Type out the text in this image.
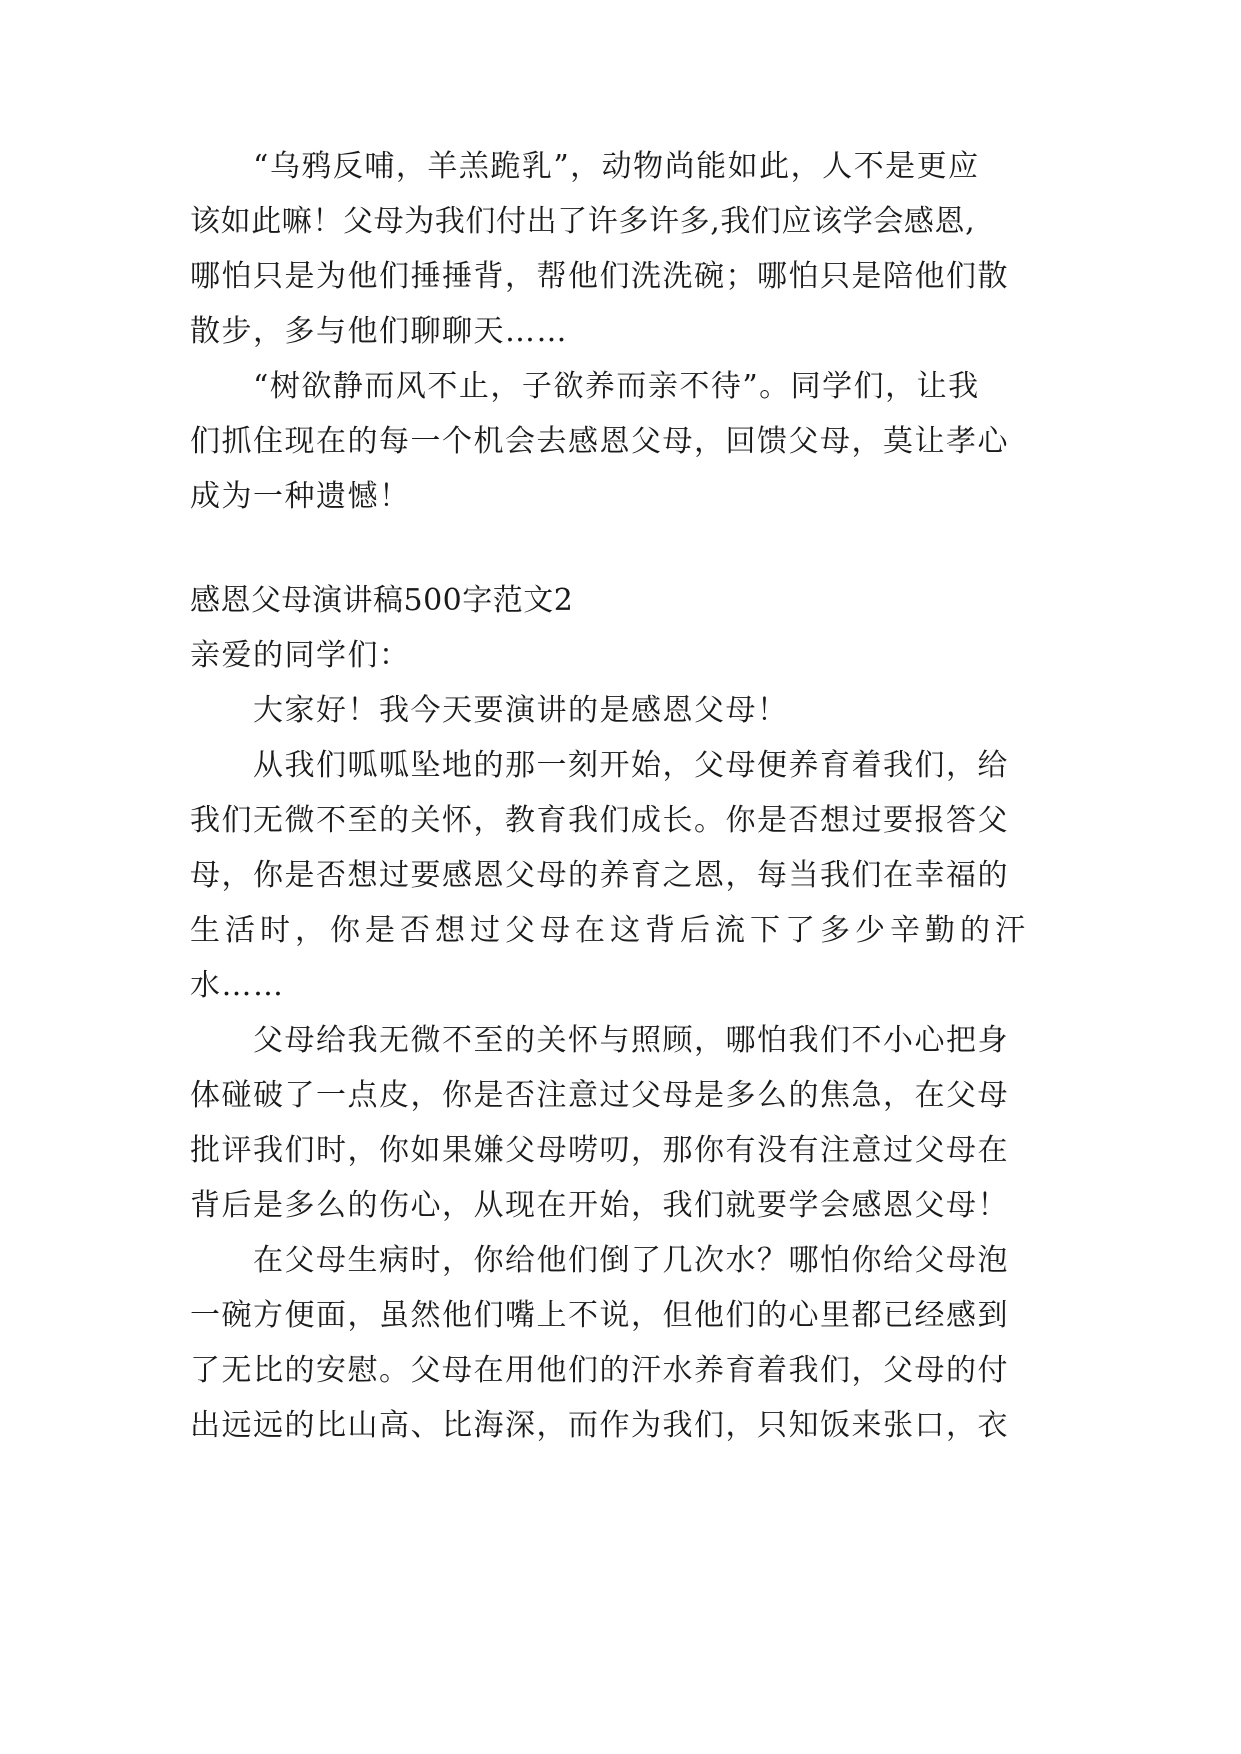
“乌鸦反哺，羊羔跪乳”，动物尚能如此，人不是更应
该如此嘛！父母为我们付出了许多许多,我们应该学会感恩,
哪怕只是为他们捶捶背，帮他们洗洗碗；哪怕只是陪他们散
散步，多与他们聊聊天……
“树欲静而风不止，子欲养而亲不待”。同学们，让我
们抓住现在的每一个机会去感恩父母，回馈父母，莫让孝心
成为一种遗憾！
感恩父母演讲稿500字范文2
亲爱的同学们：
大家好！我今天要演讲的是感恩父母！
从我们呱呱坠地的那一刻开始，父母便养育着我们，给
我们无微不至的关怀，教育我们成长。你是否想过要报答父
母，你是否想过要感恩父母的养育之恩，每当我们在幸福的
生活时，你是否想过父母在这背后流下了多少辛勤的汗
水……
父母给我无微不至的关怀与照顾，哪怕我们不小心把身
体碰破了一点皮，你是否注意过父母是多么的焦急，在父母
批评我们时，你如果嫌父母唠叨，那你有没有注意过父母在
背后是多么的伤心，从现在开始，我们就要学会感恩父母！
在父母生病时，你给他们倒了几次水？哪怕你给父母泡
一碗方便面，虽然他们嘴上不说，但他们的心里都已经感到
了无比的安慰。父母在用他们的汗水养育着我们，父母的付
出远远的比山高、比海深，而作为我们，只知饭来张口，衣
